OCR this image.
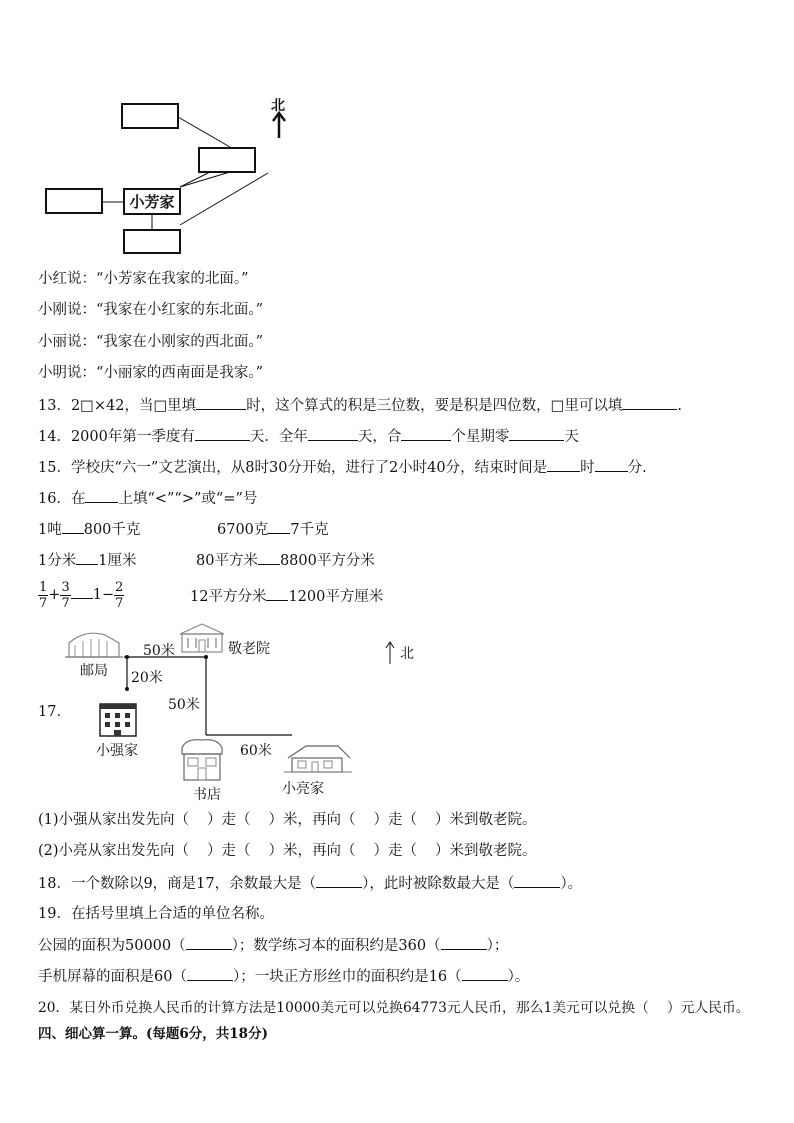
小芳家
北
小红说：“小芳家在我家的北面。”
小刚说：“我家在小红家的东北面。”
小丽说：“我家在小刚家的西北面。”
小明说：“小丽家的西南面是我家。”
13．2□×42，当□里填	时，这个算式的积是三位数，要是积是四位数，□里可以填	.
14．2000年第一季度有	天．全年	天，合	个星期零	天
15．学校庆“六一”文艺演出，从8时30分开始，进行了2小时40分，结束时间是 时 分.
16．在 上填“<”“>”或“=”号
1吨 800千克	6700克 7千克
1分米 1厘米	80平方米 8800平方分米
$\frac{1}{7} + \frac{3}{7} 1- \frac{2}{7}$	12平方分米 1200平方厘米
17．
邮局
敬老院
50米
20米
50米
60米
小强家
书店	小亮家
北
(1)小强从家出发先向（ ）走（ ）米，再向（ ）走（ ）米到敬老院。
(2)小亮从家出发先向（ ）走（ ）米，再向（ ）走（ ）米到敬老院。
18．一个数除以9，商是17，余数最大是（	），此时被除数最大是（	）。
19．在括号里填上合适的单位名称。
公园的面积为50000（	）；数学练习本的面积约是360（	）；
手机屏幕的面积是60（	）；一块正方形丝巾的面积约是16（	）。
20．某日外币兑换人民币的计算方法是10000美元可以兑换64773元人民币，那么1美元可以兑换（ ）元人民币。
四、细心算一算。(每题6分，共18分)
